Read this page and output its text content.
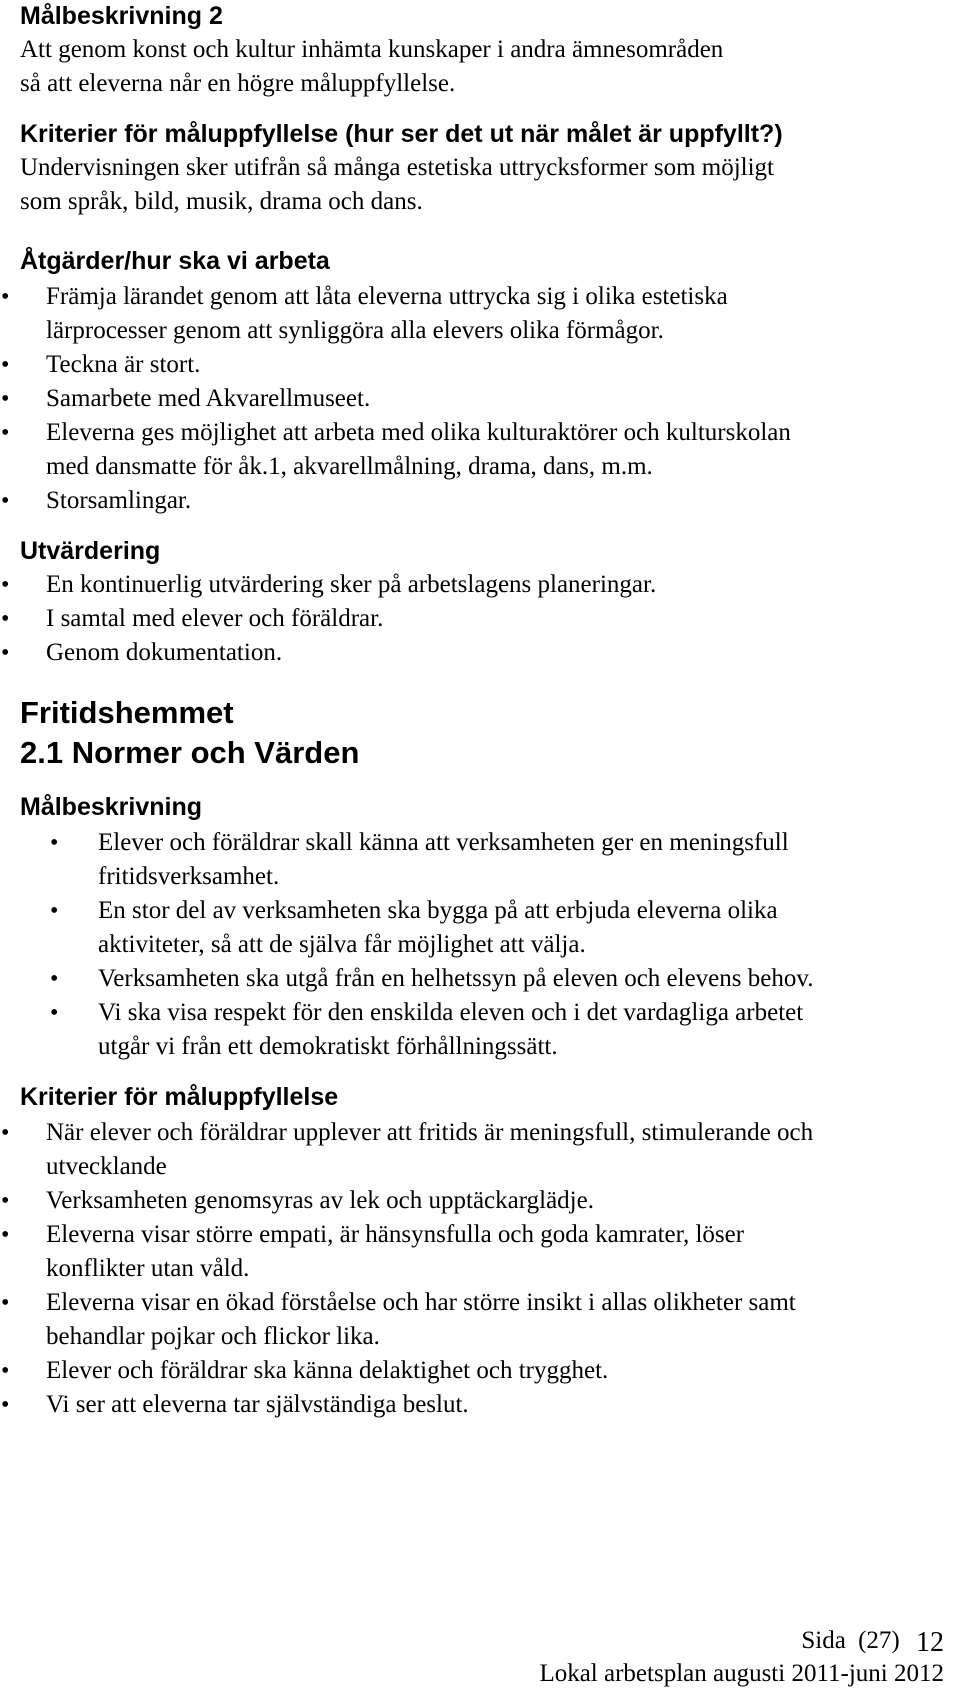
Målbeskrivning 2
Att genom konst och kultur inhämta kunskaper i andra ämnesområden
så att eleverna når en högre måluppfyllelse.
Kriterier för måluppfyllelse (hur ser det ut när målet är uppfyllt?)
Undervisningen sker utifrån så många estetiska uttrycksformer som möjligt
som språk, bild, musik, drama och dans.
Åtgärder/hur ska vi arbeta
• Främja lärandet genom att låta eleverna uttrycka sig i olika estetiska
lärprocesser genom att synliggöra alla elevers olika förmågor.
• Teckna är stort.
• Samarbete med Akvarellmuseet.
• Eleverna ges möjlighet att arbeta med olika kulturaktörer och kulturskolan
med dansmatte för åk.1, akvarellmålning, drama, dans, m.m.
• Storsamlingar.
Utvärdering
• En kontinuerlig utvärdering sker på arbetslagens planeringar.
• I samtal med elever och föräldrar.
• Genom dokumentation.
Fritidshemmet
2.1 Normer och Värden
Målbeskrivning
• Elever och föräldrar skall känna att verksamheten ger en meningsfull
fritidsverksamhet.
• En stor del av verksamheten ska bygga på att erbjuda eleverna olika
aktiviteter, så att de själva får möjlighet att välja.
• Verksamheten ska utgå från en helhetssyn på eleven och elevens behov.
• Vi ska visa respekt för den enskilda eleven och i det vardagliga arbetet
utgår vi från ett demokratiskt förhållningssätt.
Kriterier för måluppfyllelse
• När elever och föräldrar upplever att fritids är meningsfull, stimulerande och
utvecklande
• Verksamheten genomsyras av lek och upptäckarglädje.
• Eleverna visar större empati, är hänsynsfulla och goda kamrater, löser
konflikter utan våld.
• Eleverna visar en ökad förståelse och har större insikt i allas olikheter samt
behandlar pojkar och flickor lika.
• Elever och föräldrar ska känna delaktighet och trygghet.
• Vi ser att eleverna tar självständiga beslut.
Sida (27) 12
Lokal arbetsplan augusti 2011-juni 2012
